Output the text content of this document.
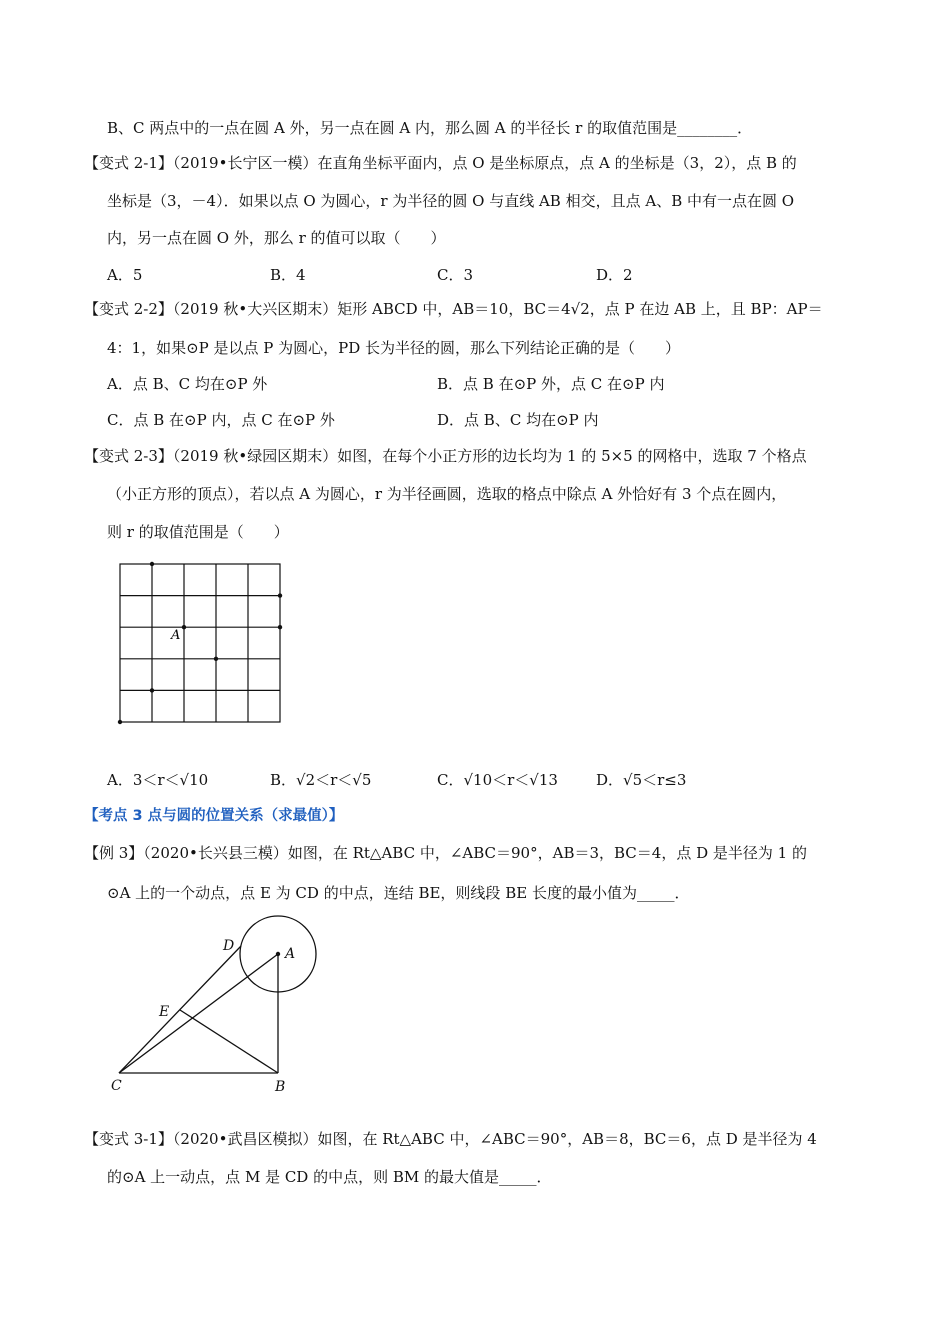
B、C 两点中的一点在圆 A 外，另一点在圆 A 内，那么圆 A 的半径长 r 的取值范围是________．
【变式 2-1】（2019•长宁区一模）在直角坐标平面内，点 O 是坐标原点，点 A 的坐标是（3，2），点 B 的
坐标是（3，－4）．如果以点 O 为圆心，r 为半径的圆 O 与直线 AB 相交，且点 A、B 中有一点在圆 O
内，另一点在圆 O 外，那么 r 的值可以取（　　）
A．5	B．4	C．3	D．2
【变式 2-2】（2019 秋•大兴区期末）矩形 ABCD 中，AB＝10，BC＝4√2，点 P 在边 AB 上，且 BP：AP＝
4：1，如果⊙P 是以点 P 为圆心，PD 长为半径的圆，那么下列结论正确的是（　　）
A．点 B、C 均在⊙P 外	B．点 B 在⊙P 外，点 C 在⊙P 内
C．点 B 在⊙P 内，点 C 在⊙P 外	D．点 B、C 均在⊙P 内
【变式 2-3】（2019 秋•绿园区期末）如图，在每个小正方形的边长均为 1 的 5×5 的网格中，选取 7 个格点
（小正方形的顶点），若以点 A 为圆心，r 为半径画圆，选取的格点中除点 A 外恰好有 3 个点在圆内，
则 r 的取值范围是（　　）
A
A．3＜r＜√10	B．√2＜r＜√5	C．√10＜r＜√13	D．√5＜r≤3
【考点 3 点与圆的位置关系（求最值）】
【例 3】（2020•长兴县三模）如图，在 Rt△ABC 中，∠ABC＝90°，AB＝3，BC＝4，点 D 是半径为 1 的
⊙A 上的一个动点，点 E 为 CD 的中点，连结 BE，则线段 BE 长度的最小值为_____．
D	A
E
C	B
【变式 3-1】（2020•武昌区模拟）如图，在 Rt△ABC 中，∠ABC＝90°，AB＝8，BC＝6，点 D 是半径为 4
的⊙A 上一动点，点 M 是 CD 的中点，则 BM 的最大值是_____．
